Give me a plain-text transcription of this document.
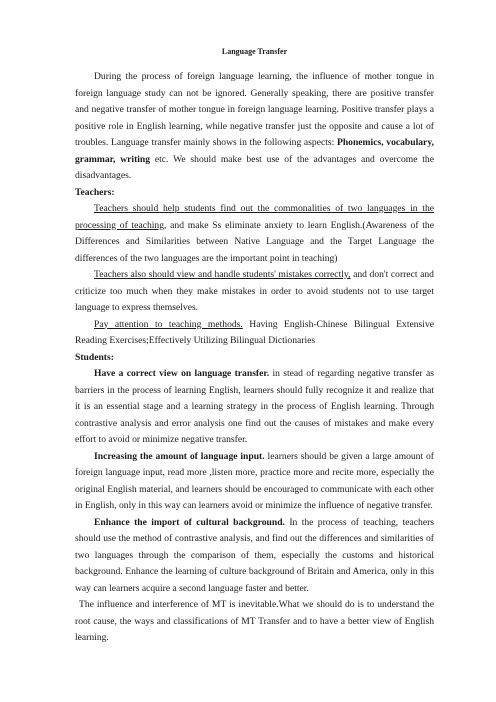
Language Transfer

During the process of foreign language learning, the influence of mother tongue in foreign language study can not be ignored. Generally speaking, there are positive transfer and negative transfer of mother tongue in foreign language learning. Positive transfer plays a positive role in English learning, while negative transfer just the opposite and cause a lot of troubles. Language transfer mainly shows in the following aspects: Phonemics, vocabulary, grammar, writing etc. We should make best use of the advantages and overcome the disadvantages.

Teachers:

Teachers should help students find out the commonalities of two languages in the processing of teaching, and make Ss eliminate anxiety to learn English.(Awareness of the Differences and Similarities between Native Language and the Target Language the differences of the two languages are the important point in teaching)

Teachers also should view and handle students' mistakes correctly, and don't correct and criticize too much when they make mistakes in order to avoid students not to use target language to express themselves.

Pay attention to teaching methods. Having English-Chinese Bilingual Extensive Reading Exercises;Effectively Utilizing Bilingual Dictionaries

Students:

Have a correct view on language transfer. in stead of regarding negative transfer as barriers in the process of learning English, learners should fully recognize it and realize that it is an essential stage and a learning strategy in the process of English learning. Through contrastive analysis and error analysis one find out the causes of mistakes and make every effort to avoid or minimize negative transfer.

Increasing the amount of language input. learners should be given a large amount of foreign language input, read more ,listen more, practice more and recite more, especially the original English material, and learners should be encouraged to communicate with each other in English, only in this way can learners avoid or minimize the influence of negative transfer.

Enhance the import of cultural background. In the process of teaching, teachers should use the method of contrastive analysis, and find out the differences and similarities of two languages through the comparison of them, especially the customs and historical background. Enhance the learning of culture background of Britain and America, only in this way can learners acquire a second language faster and better.

The influence and interference of MT is inevitable.What we should do is to understand the root cause, the ways and classifications of MT Transfer and to have a better view of English learning.
